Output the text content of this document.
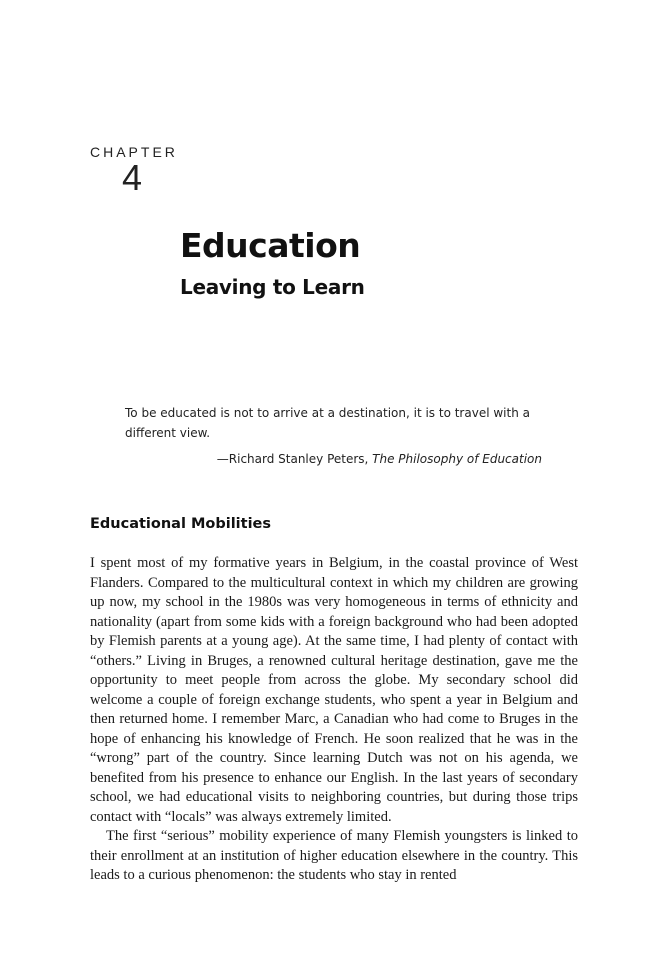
CHAPTER
4
Education
Leaving to Learn

To be educated is not to arrive at a destination, it is to travel with a different view.

—Richard Stanley Peters, The Philosophy of Education
Educational Mobilities

I spent most of my formative years in Belgium, in the coastal province of West Flanders. Compared to the multicultural context in which my children are growing up now, my school in the 1980s was very homogeneous in terms of ethnicity and nationality (apart from some kids with a foreign background who had been adopted by Flemish parents at a young age). At the same time, I had plenty of contact with “others.” Living in Bruges, a renowned cultural heritage destination, gave me the opportunity to meet people from across the globe. My secondary school did welcome a couple of foreign exchange students, who spent a year in Belgium and then returned home. I remember Marc, a Canadian who had come to Bruges in the hope of enhancing his knowledge of French. He soon realized that he was in the “wrong” part of the country. Since learning Dutch was not on his agenda, we benefited from his presence to enhance our English. In the last years of secondary school, we had educational visits to neighboring countries, but during those trips contact with “locals” was always extremely limited.

The first “serious” mobility experience of many Flemish youngsters is linked to their enrollment at an institution of higher education elsewhere in the country. This leads to a curious phenomenon: the students who stay in rented
